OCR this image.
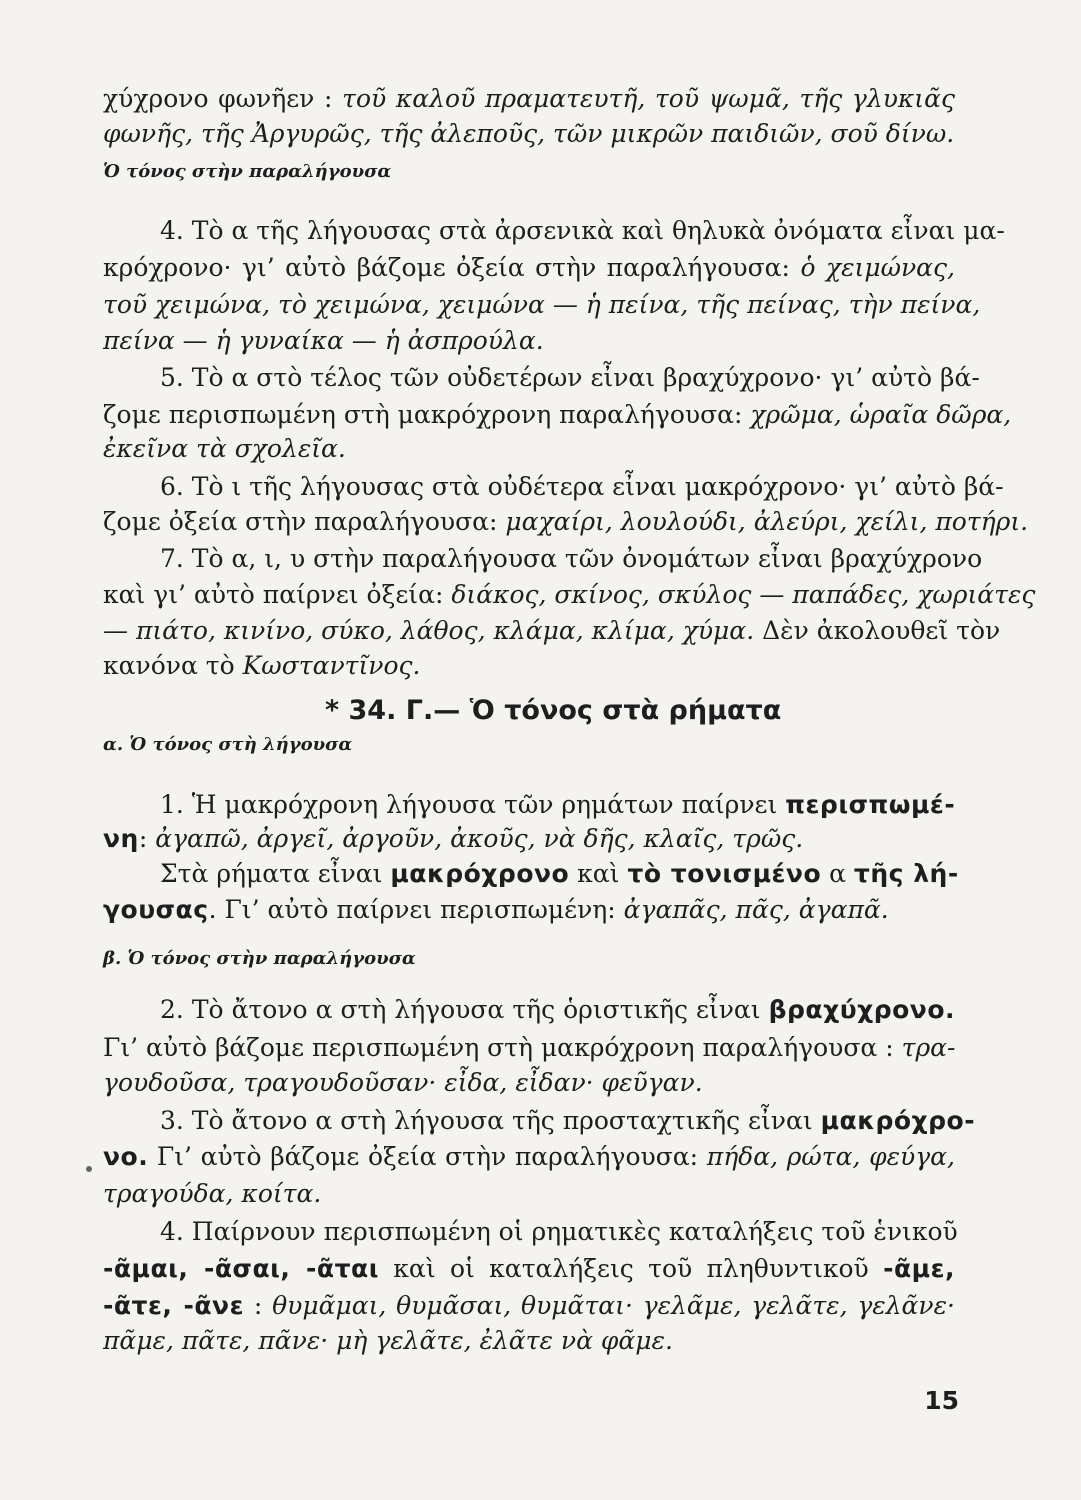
χύχρονο φωνῆεν : τοῦ καλοῦ πραματευτῆ, τοῦ ψωμᾶ, τῆς γλυκιᾶς
φωνῆς, τῆς Ἀργυρῶς, τῆς ἀλεποῦς, τῶν μικρῶν παιδιῶν, σοῦ δίνω.
Ὁ τόνος στὴν παραλήγουσα
4. Τὸ α τῆς λήγουσας στὰ ἀρσενικὰ καὶ θηλυκὰ ὀνόματα εἶναι μα-
κρόχρονο· γι’ αὐτὸ βάζομε ὀξεία στὴν παραλήγουσα: ὁ χειμώνας,
τοῦ χειμώνα, τὸ χειμώνα, χειμώνα — ἡ πείνα, τῆς πείνας, τὴν πείνα,
πείνα — ἡ γυναίκα — ἡ ἀσπρούλα.
5. Τὸ α στὸ τέλος τῶν οὐδετέρων εἶναι βραχύχρονο· γι’ αὐτὸ βά-
ζομε περισπωμένη στὴ μακρόχρονη παραλήγουσα: χρῶμα, ὡραῖα δῶρα,
ἐκεῖνα τὰ σχολεῖα.
6. Τὸ ι τῆς λήγουσας στὰ οὐδέτερα εἶναι μακρόχρονο· γι’ αὐτὸ βά-
ζομε ὀξεία στὴν παραλήγουσα: μαχαίρι, λουλούδι, ἀλεύρι, χείλι, ποτήρι.
7. Τὸ α, ι, υ στὴν παραλήγουσα τῶν ὀνομάτων εἶναι βραχύχρονο
καὶ γι’ αὐτὸ παίρνει ὀξεία: διάκος, σκίνος, σκύλος — παπάδες, χωριάτες
— πιάτο, κινίνο, σύκο, λάθος, κλάμα, κλίμα, χύμα. Δὲν ἀκολουθεῖ τὸν
κανόνα τὸ Κωσταντῖνος.
* 34. Γ.— Ὁ τόνος στὰ ρήματα
α. Ὁ τόνος στὴ λήγουσα
1. Ἡ μακρόχρονη λήγουσα τῶν ρημάτων παίρνει περισπωμέ-
νη: ἀγαπῶ, ἀργεῖ, ἀργοῦν, ἀκοῦς, νὰ δῆς, κλαῖς, τρῶς.
Στὰ ρήματα εἶναι μακρόχρονο καὶ τὸ τονισμένο α τῆς λή-
γουσας. Γι’ αὐτὸ παίρνει περισπωμένη: ἀγαπᾶς, πᾶς, ἀγαπᾶ.
β. Ὁ τόνος στὴν παραλήγουσα
2. Τὸ ἄτονο α στὴ λήγουσα τῆς ὁριστικῆς εἶναι βραχύχρονο.
Γι’ αὐτὸ βάζομε περισπωμένη στὴ μακρόχρονη παραλήγουσα : τρα-
γουδοῦσα, τραγουδοῦσαν· εἶδα, εἶδαν· φεῦγαν.
3. Τὸ ἄτονο α στὴ λήγουσα τῆς προσταχτικῆς εἶναι μακρόχρο-
νο. Γι’ αὐτὸ βάζομε ὀξεία στὴν παραλήγουσα: πήδα, ρώτα, φεύγα,
τραγούδα, κοίτα.
4. Παίρνουν περισπωμένη οἱ ρηματικὲς καταλήξεις τοῦ ἑνικοῦ
-ᾶμαι, -ᾶσαι, -ᾶται καὶ οἱ καταλήξεις τοῦ πληθυντικοῦ -ᾶμε,
-ᾶτε, -ᾶνε : θυμᾶμαι, θυμᾶσαι, θυμᾶται· γελᾶμε, γελᾶτε, γελᾶνε·
πᾶμε, πᾶτε, πᾶνε· μὴ γελᾶτε, ἐλᾶτε νὰ φᾶμε.
15
